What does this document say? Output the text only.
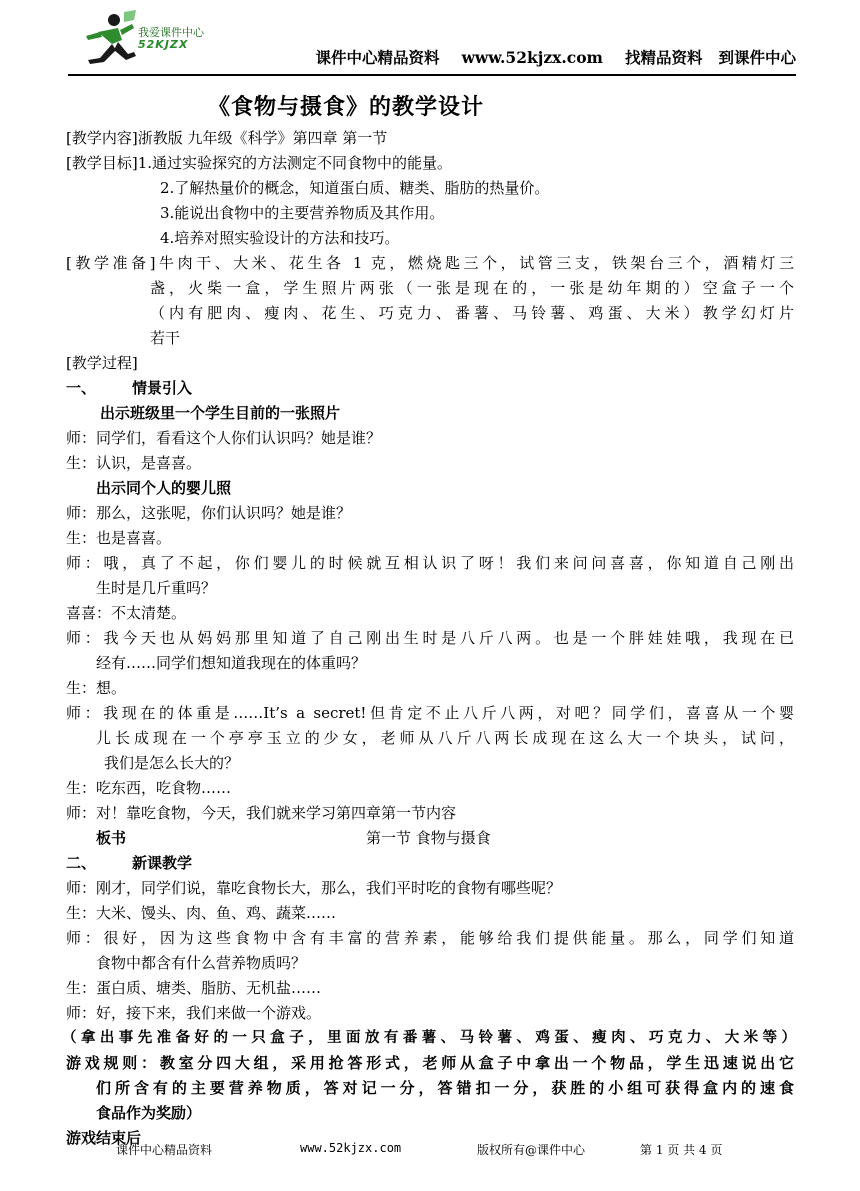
我爱课件中心
52KJZX
课件中心精品资料 www.52kjzx.com 找精品资料 到课件中心
《食物与摄食》的教学设计
[教学内容]浙教版 九年级《科学》第四章 第一节
[教学目标]1.通过实验探究的方法测定不同食物中的能量。
2.了解热量价的概念，知道蛋白质、糖类、脂肪的热量价。
3.能说出食物中的主要营养物质及其作用。
4.培养对照实验设计的方法和技巧。
[教学准备]牛肉干、大米、花生各 1 克，燃烧匙三个，试管三支，铁架台三个，酒精灯三
盏，火柴一盒，学生照片两张（一张是现在的，一张是幼年期的）空盒子一个
（内有肥肉、瘦肉、花生、巧克力、番薯、马铃薯、鸡蛋、大米）教学幻灯片
若干
[教学过程]
一、 情景引入
出示班级里一个学生目前的一张照片
师：同学们，看看这个人你们认识吗？她是谁？
生：认识，是喜喜。
出示同个人的婴儿照
师：那么，这张呢，你们认识吗？她是谁？
生：也是喜喜。
师：哦，真了不起，你们婴儿的时候就互相认识了呀！我们来问问喜喜，你知道自己刚出
生时是几斤重吗？
喜喜：不太清楚。
师：我今天也从妈妈那里知道了自己刚出生时是八斤八两。也是一个胖娃娃哦，我现在已
经有……同学们想知道我现在的体重吗？
生：想。
师：我现在的体重是……It’s a secret!但肯定不止八斤八两，对吧？同学们，喜喜从一个婴
儿长成现在一个亭亭玉立的少女，老师从八斤八两长成现在这么大一个块头，试问，
我们是怎么长大的？
生：吃东西，吃食物……
师：对！靠吃食物，今天，我们就来学习第四章第一节内容
板书	第一节 食物与摄食
二、 新课教学
师：刚才，同学们说，靠吃食物长大，那么，我们平时吃的食物有哪些呢？
生：大米、馒头、肉、鱼、鸡、蔬菜……
师：很好，因为这些食物中含有丰富的营养素，能够给我们提供能量。那么，同学们知道
食物中都含有什么营养物质吗？
生：蛋白质、塘类、脂肪、无机盐……
师：好，接下来，我们来做一个游戏。
（拿出事先准备好的一只盒子，里面放有番薯、马铃薯、鸡蛋、瘦肉、巧克力、大米等）
游戏规则：教室分四大组，采用抢答形式，老师从盒子中拿出一个物品，学生迅速说出它
们所含有的主要营养物质，答对记一分，答错扣一分，获胜的小组可获得盒内的速食
食品作为奖励）
游戏结束后
课件中心精品资料	www.52kjzx.com	版权所有@课件中心	第 1 页 共 4 页
